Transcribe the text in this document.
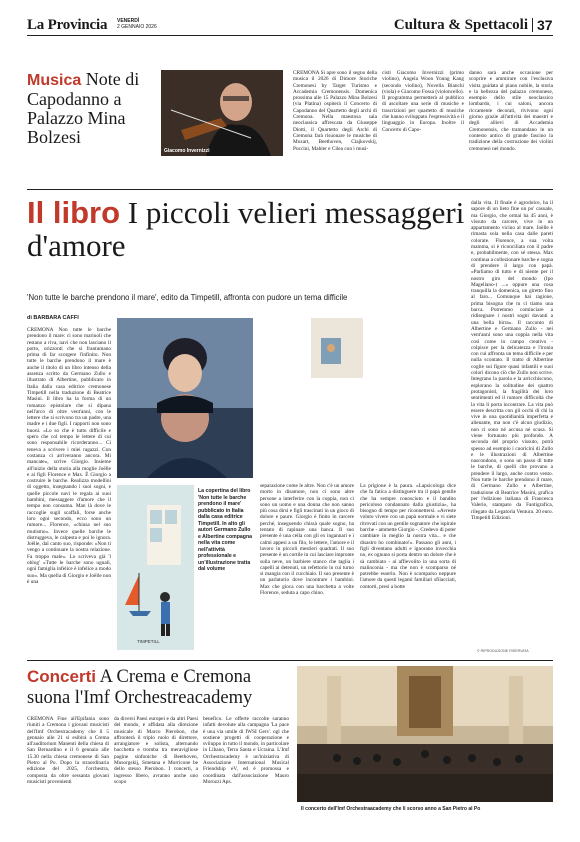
La Provincia VENERDÌ
2 GENNAIO 2026	Cultura & Spettacoli 37
Musica Note di Capodanno a Palazzo Mina Bolzesi
Giacomo Invernizzi
CREMONA Si apre sono il segno della musica il 2026 di Dimore Storiche Cremonesi by Target Turismo e Accademia Cremonensis. Domenica prossima alle 15 Palazzo Mina Bolzesi (via Platina) ospiterà il Concerto di Capodanno del Quartetto degli archi di Cremona. Nella maestosa sala neoclassica affrescata da Giuseppe Diotti, il Quartetto degli Archi di Cremona farà risuonare le musiche di Mozart, Beethoven, Ciajkovskij, Puccini, Mahler e Cilea con i musi-
cisti Giacomo Invernizzi (primo violino), Angela Woon Young Kang (secondo violino), Novella Bianchi (viola) e Giacomo Fossa (violoncello). Il programma permetterà al pubblico di ascoltare una serie di musiche e trascrizioni per quartetto di musiche che hanno sviluppato l'espressività e il linguaggio in Europa. Inoltre il Concerto di Capo-
danno sarà anche occasione per scoprire e ammirare con l'esclusiva visita guidata al piano nobile, la storia e la bellezza del palazzo cremonese, esempio dello stile neoclassico lombardo, i cui saloni, ancora riccamente decorati, rivivono ogni giorno grazie all'attività dei maestri e degli allievi di Accademia Cremonensis, che tramandano in un contesto antico di grande fascino la tradizione della costruzione dei violini cremonesi nel mondo.
Il libro I piccoli velieri messaggeri d'amore
'Non tutte le barche prendono il mare', edito da Timpetill, affronta con pudore un tema difficile
di BARBARA CAFFI
CREMONA Non tutte le barche prendono il mare: ci sono mariuoli che restano a riva, navi che non lasciano il porto, orizzonti che si frantumano prima di far scorgere l'infinito. Non tutte le barche prendono il mare è anche il titolo di un libro intenso della assenza scritto da Germano Zullo e illustrato di Albertine, pubblicato in Italia dalla casa editrice cremonese Timpetill nella traduzione di Beatrice Masini. Il libro ha la forma di un romanzo epistolare che si dipana nell'arco di oltre vent'anni, con le lettere che si scrivono tra un padre, una madre e i due figli. I rapporti non sono buoni. «Lo so che è tutto difficile e spero che col tempo le lettere di cui sono responsabile ricorderanno... Ci teneva a scrivere i miei ragazzi. Con costanza ci arriveranno ancora. Mi mancate», scrive Giorgio. Insieme all'inizio della storia alla moglie Joëlle e ai figli Florence e Max. È Giorgio a costruire le barche. Realizza modellini di oggetto, insegnando i suoi sogni, e quelle piccole navi le regala ai suoi bambini, messaggere d'amore che il tempo non consuma. Man là dove le raccoglie sugli scaffali, forse anche loro ogni secondo, ecco sono un rumore... Florence, «chiusa nel suo mutismo». Invece quelle barche le distruggeva, le calpesta e poi le ignora. Joëlle, dal canto suo, risponde: «Non ti vengo a continuare la nostra relazione. Fa troppo male». Lo scriveva già 'l oblog' «Tutte le barche sono uguali, ogni famiglia infelice è infelice a modo suo». Ma quella di Giorgio e Joëlle non è una
TIMPETILL
La copertina del libro 'Non tutte le barche prendono il mare' pubblicato in Italia dalla casa editrice Timpetill. In alto gli autori Germano Zullo e Albertine compagna nella vita come nell'attività professionale e un'illustrazione tratta dal volume
separazione come le altre. Non c'è un amore morto in disamore, non ci sono altre persone a interferire con la coppia, non ci sono un uomo e una donna che non sanno più cosa dirsi e figli trascinati in un gioco di dolore e paure. Giorgio è finito in carcere perché, inseguendo chissà quale sogno, ha tentato di rapinare una banca. Il suo presente è una cella con gli ex ingannari e i calmi appesi a un filo, le lettere, l'amore e il lavoro in piccoli mestieri quadrati. Il suo presente è un cortile in cui lasciare impronte sulla neve, un barbiere stanco che taglia i capelli ai detenuti, un refettorio in cui turno si mangia con il cucchiaio. Il suo presente è un parlatorio dove incontrare i bambini. Max che gioca con una barchetta a volte Florence, seduta a capo chino.
La prigione è la paura. «Lapsicologa dice che fa fatica a distinguere tra il papà gentile che ha sempre conosciuto e il bandito pericoloso condannato dalla giustizia», ha bisogno di tempo per riconnettersi. «Avreste voluto vivere con un papà normale e vi siete ritrovati con un gentile sognatore che ispirale barche - ammette Giorgio -. Credevo di poter cambiare in meglio la nostra vita... e che disastro ho combinato!». Passano gli anni, i figli diventano adulti e ignorano invecchia no, ex ognuno si porta dentro un dolore che è sà cambiato - ai affievolito in una sorta di malinconia - ma che non è scomparso né potrebbe esserlo. Non è scomparso neppure l'amore da questi legami familiari sfilacciati, contorti, presi a botte
dalla vita. Il finale è agrodolce, ha il sapore di un lieto fine un po' casuale, ma Giorgio, che ormai ha 45 anni, è vissuto da carcere, vive in un appartamento vicino al mare. Joëlle è rimasta sola nella casa dalle pareti colorate. Florence, a sua volta mamma, si è riconciliata con il padre e, probabilmente, con sé stessa. Max continua a collezionare barche e sogna di prendere il largo con papà. «Parliamo di tutto e di niente per il nostro giro del mondo (Ipo Magellano-) ...» oppure una cosa tranquilla la domenica, un giretto fino al faro... Comunque hai ragione, prima bisogna che tu ci tiamo una barca. Potremmo cominciare a ridisegnare i nostri sogni davanti a una bella birra». Il racconto di Albertine e Germano Zullo - nei vent'anni sono una coppia nella vita così come in campo creativo - colpisce per la delicatezza e l'ironia con cui affronta un tema difficile e per nulla scontato. Il tratto di Albertine coglie sui figure quasi infantili e suoi colori dicono ciò che Zullo non scrive. Integrano la parola e la arricchiscono, esplorano la solitudine dei quattro protagonisti, la fragilità dei loro sentimenti ed il rumore difficoltà che la vita li porta incontrare. La vita può essere descritta con gli occhi di chi la vive in una quotidianità imperfetta e alienante, ma non c'è alcun giudizio, non ci sono né accusa né scusa. Si viene fortunato più profondo. A seconda del proprio vissuto, potrà spesso ad esempio i cuoricini di Zullo e le illustrazioni di Albertine nascondono, o sono un passo di tutte le barche, di quelli che provano a prendere il largo, anche contro vento. Non tutte le barche prendono il mare, di Germano Zullo e Albertine, traduzione di Beatrice Masini, grafica per l'edizione italiana di Francesca Valerio, stampato da Fantigrafica, rilegato da Legatoria Ventura. 20 euro. Timpetill Edizioni.
© RIPRODUZIONE RISERVATA
Concerti A Crema e Cremona suona l'Imf Orchestreacademy
CREMONA Fine all'Epifania sono riuniti a Cremona i giovani musicisti dell'Imf Orchestracademy che il 5 gennaio alle 21 si esibirà a Crema all'auditorium Manenti della chiesa di San Bernardino e il 6 gennaio alle 15.30 nella chiesa cremonese di San Pietro al Po. Dopo la straordinaria edizione del 2025, l'orchestra, composta da oltre sessanta giovani musicisti provenienti
da diversi Paesi europei e da altri Paesi del mondo, e affidata alla direzione musicale di Marco Pierobon, che affronterà il triplo ruolo di direttore, arrangiatore e solista, alternando bacchetta e tromba tra meravigliose pagine sinfoniche di Beethoven, Musorgskij, Smetana e Morricone be dello stesso Pierobon. I concerti, a ingresso libero, avranno anche uno scopo
benefico. Le offerte raccolte saranno infatti devolute alla campagna 'La pace è una via umile di IWSI Gers'. ogl che sostiene progetti di cooperazione e sviluppo in tutto il mondo, in particolare in Libano, Terra Santa e Ucraina. L'Imf Orchestracademy è un'iniziativa di Associazione International Musical Friendship eV, ed è promossa e coordinata dall'associazione Mauro Morozzi Aps.
Il concerto dell'Imf Orchestraacademy che li scorso anno a San Pietro al Po
